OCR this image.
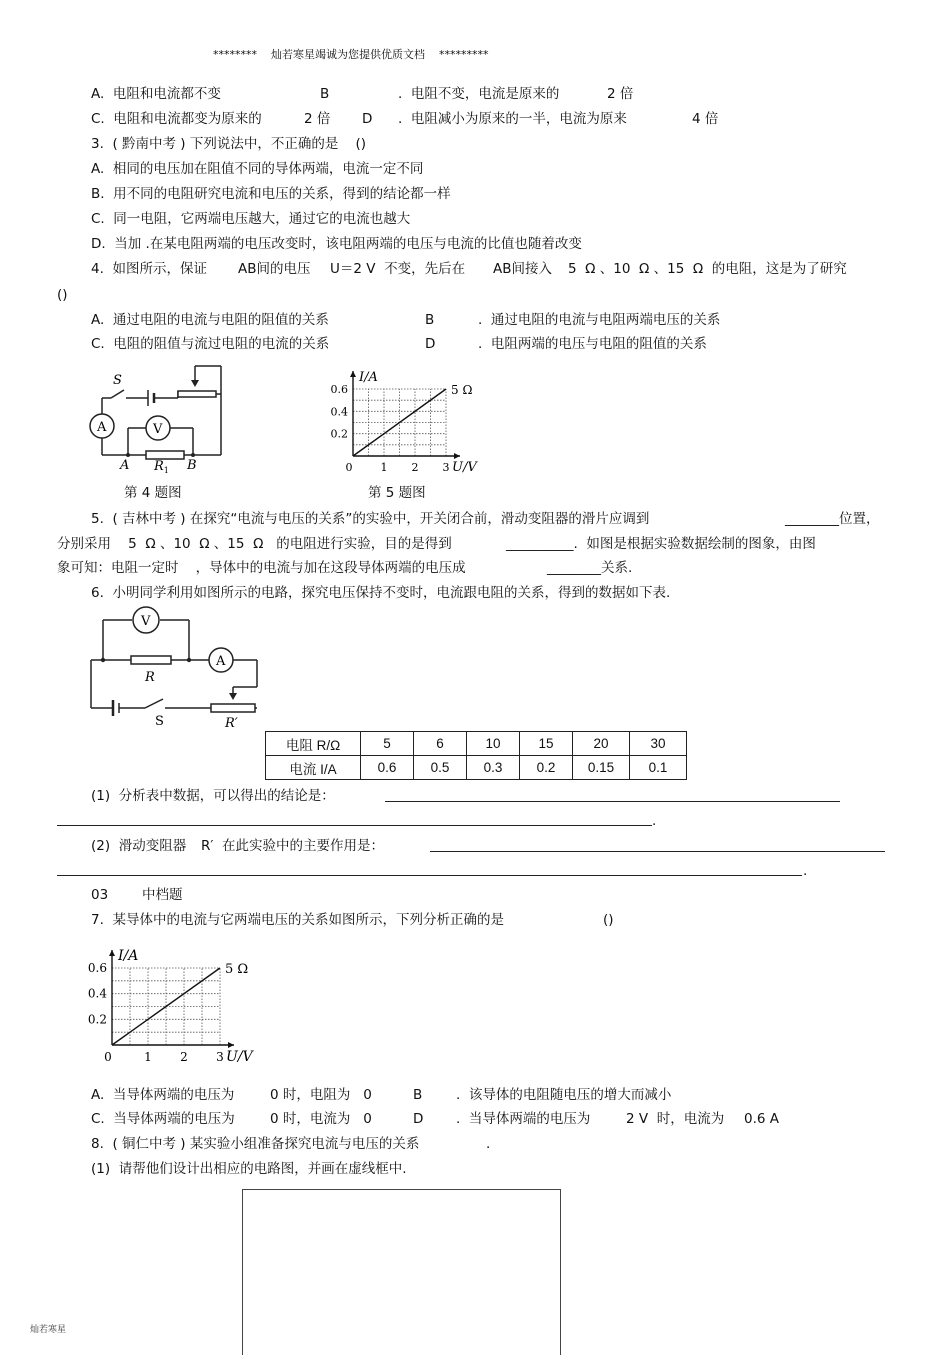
********    灿若寒星竭诚为您提供优质文档    *********
A.  电阻和电流都不变	B	.  电阻不变，电流是原来的	2 倍
C.  电阻和电流都变为原来的	2 倍 D .  电阻减小为原来的一半，电流为原来	4 倍
3.  ( 黔南中考 ) 下列说法中，不正确的是    ()
A.  相同的电压加在阻值不同的导体两端，电流一定不同
B.  用不同的电阻研究电流和电压的关系，得到的结论都一样
C.  同一电阻，它两端电压越大，通过它的电流也越大
D.  当加 .在某电阻两端的电压改变时，该电阻两端的电压与电流的比值也随着改变
4.  如图所示，保证 AB间的电压 U＝2 V  不变，先后在 AB间接入 5  Ω 、10  Ω 、15  Ω  的电阻，这是为了研究
()
A.  通过电阻的电流与电阻的阻值的关系	B	.  通过电阻的电流与电阻两端电压的关系
C.  电阻的阻值与流过电阻的电流的关系	D	.  电阻两端的电压与电阻的阻值的关系
S
A	V
A	B
$R_1$
第 4 题图
0.6
0.4
0.2
0	1 2 3
I/A
U/V
5 Ω
第 5 题图
5.  ( 吉林中考 ) 在探究“电流与电压的关系”的实验中，开关闭合前，滑动变阻器的滑片应调到	________位置，
分别采用    5  Ω 、10  Ω 、15  Ω   的电阻进行实验，目的是得到	__________.  如图是根据实验数据绘制的图象，由图
象可知：电阻一定时    ，导体中的电流与加在这段导体两端的电压成	________关系.
6.  小明同学利用如图所示的电路，探究电压保持不变时，电流跟电阻的关系，得到的数据如下表.
V
A
R
S	R′
电阻 R/Ω	5	6	10	15	20	30
电流 I/A	0.6	0.5	0.3	0.2	0.15	0.1
(1)  分析表中数据，可以得出的结论是：
.
(2)  滑动变阻器 R′  在此实验中的主要作用是：
.
03	中档题
7.  某导体中的电流与它两端电压的关系如图所示，下列分析正确的是	()
0.6
0.4
0.2
0	1 2 3
I/A
U/V
5 Ω
A.  当导体两端的电压为	0 时，电阻为   0	B .  该导体的电阻随电压的增大而减小
C.  当导体两端的电压为	0 时，电流为   0	D .  当导体两端的电压为	2 V  时，电流为 0.6 A
8.  ( 铜仁中考 ) 某实验小组准备探究电流与电压的关系	.
(1)  请帮他们设计出相应的电路图，并画在虚线框中.
灿若寒星
